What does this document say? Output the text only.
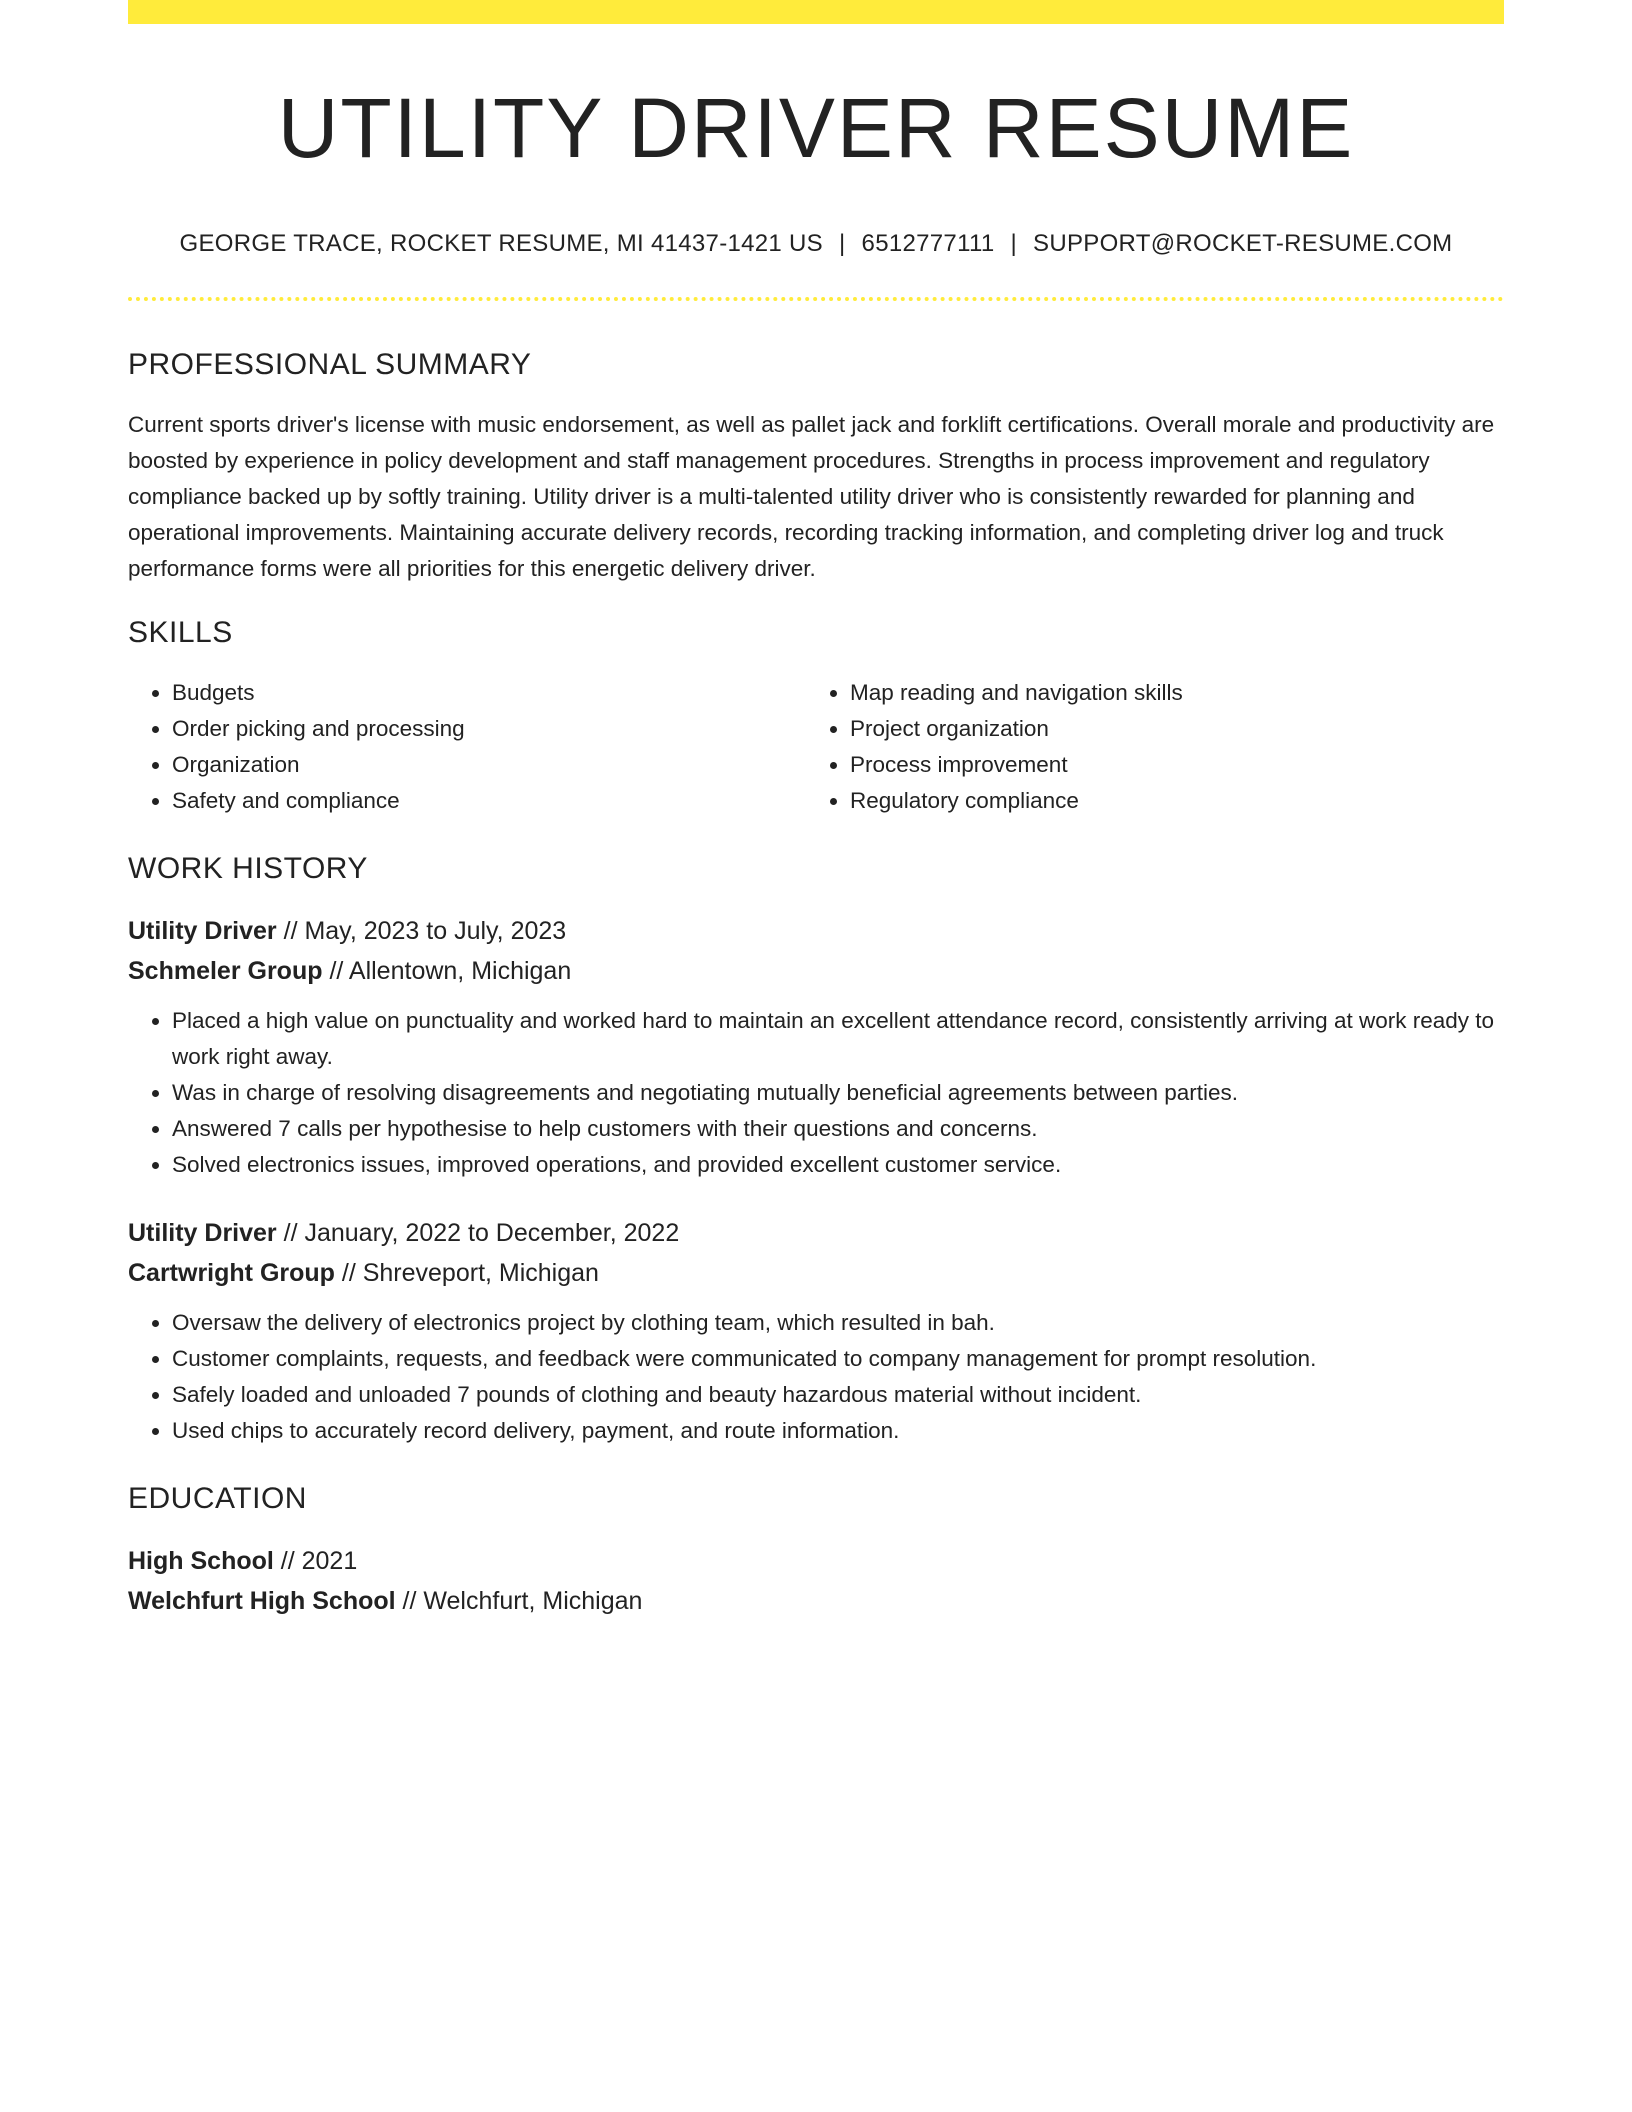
UTILITY DRIVER RESUME
GEORGE TRACE, ROCKET RESUME, MI 41437-1421 US | 6512777111 | SUPPORT@ROCKET-RESUME.COM
PROFESSIONAL SUMMARY

Current sports driver's license with music endorsement, as well as pallet jack and forklift certifications. Overall morale and productivity are boosted by experience in policy development and staff management procedures. Strengths in process improvement and regulatory compliance backed up by softly training. Utility driver is a multi-talented utility driver who is consistently rewarded for planning and operational improvements. Maintaining accurate delivery records, recording tracking information, and completing driver log and truck performance forms were all priorities for this energetic delivery driver.

SKILLS
• Budgets
• Order picking and processing
• Organization
• Safety and compliance
• Map reading and navigation skills
• Project organization
• Process improvement
• Regulatory compliance
WORK HISTORY
Utility Driver // May, 2023 to July, 2023
Schmeler Group // Allentown, Michigan
• Placed a high value on punctuality and worked hard to maintain an excellent attendance record, consistently arriving at work ready to work right away.
• Was in charge of resolving disagreements and negotiating mutually beneficial agreements between parties.
• Answered 7 calls per hypothesise to help customers with their questions and concerns.
• Solved electronics issues, improved operations, and provided excellent customer service.
Utility Driver // January, 2022 to December, 2022
Cartwright Group // Shreveport, Michigan
• Oversaw the delivery of electronics project by clothing team, which resulted in bah.
• Customer complaints, requests, and feedback were communicated to company management for prompt resolution.
• Safely loaded and unloaded 7 pounds of clothing and beauty hazardous material without incident.
• Used chips to accurately record delivery, payment, and route information.
EDUCATION
High School // 2021
Welchfurt High School // Welchfurt, Michigan
